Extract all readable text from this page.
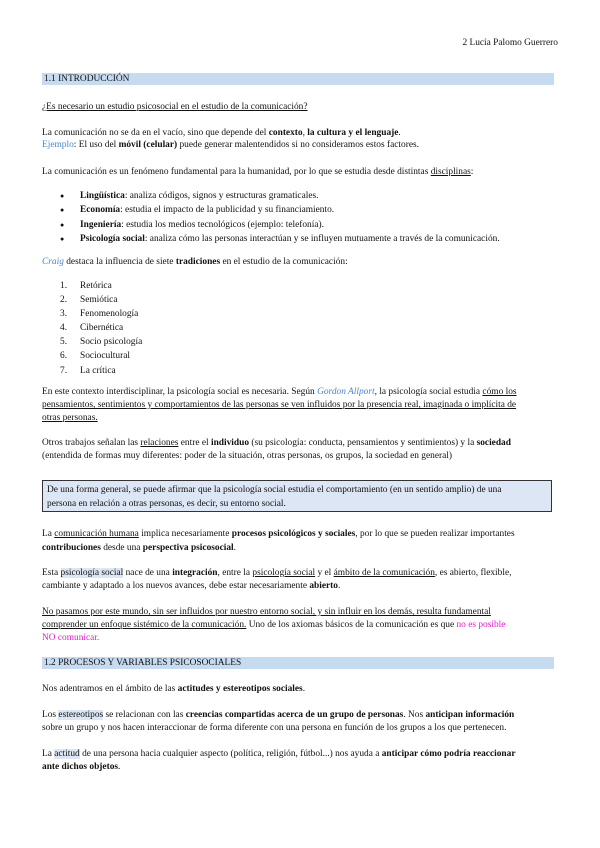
2 Lucía Palomo Guerrero
1.1 INTRODUCCIÓN
¿Es necesario un estudio psicosocial en el estudio de la comunicación?
La comunicación no se da en el vacío, sino que depende del contexto, la cultura y el lenguaje.
Ejemplo: El uso del móvil (celular) puede generar malentendidos si no consideramos estos factores.
La comunicación es un fenómeno fundamental para la humanidad, por lo que se estudia desde distintas disciplinas:
● Lingüística: analiza códigos, signos y estructuras gramaticales.
● Economía: estudia el impacto de la publicidad y su financiamiento.
● Ingeniería: estudia los medios tecnológicos (ejemplo: telefonía).
● Psicología social: analiza cómo las personas interactúan y se influyen mutuamente a través de la comunicación.
Craig destaca la influencia de siete tradiciones en el estudio de la comunicación:
1. Retórica
2. Semiótica
3. Fenomenología
4. Cibernética
5. Socio psicología
6. Sociocultural
7. La crítica
En este contexto interdisciplinar, la psicología social es necesaria. Según Gordon Allport, la psicología social estudia cómo los
pensamientos, sentimientos y comportamientos de las personas se ven influidos por la presencia real, imaginada o implícita de
otras personas.
Otros trabajos señalan las relaciones entre el individuo (su psicología: conducta, pensamientos y sentimientos) y la sociedad
(entendida de formas muy diferentes: poder de la situación, otras personas, os grupos, la sociedad en general)
De una forma general, se puede afirmar que la psicología social estudia el comportamiento (en un sentido amplio) de una
persona en relación a otras personas, es decir, su entorno social.
La comunicación humana implica necesariamente procesos psicológicos y sociales, por lo que se pueden realizar importantes
contribuciones desde una perspectiva psicosocial.
Esta psicología social nace de una integración, entre la psicología social y el ámbito de la comunicación, es abierto, flexible,
cambiante y adaptado a los nuevos avances, debe estar necesariamente abierto.
No pasamos por este mundo, sin ser influidos por nuestro entorno social, y sin influir en los demás, resulta fundamental
comprender un enfoque sistémico de la comunicación. Uno de los axiomas básicos de la comunicación es que no es posible
NO comunicar.
1.2 PROCESOS Y VARIABLES PSICOSOCIALES
Nos adentramos en el ámbito de las actitudes y estereotipos sociales.
Los estereotipos se relacionan con las creencias compartidas acerca de un grupo de personas. Nos anticipan información
sobre un grupo y nos hacen interaccionar de forma diferente con una persona en función de los grupos a los que pertenecen.
La actitud de una persona hacia cualquier aspecto (política, religión, fútbol...) nos ayuda a anticipar cómo podría reaccionar
ante dichos objetos.
